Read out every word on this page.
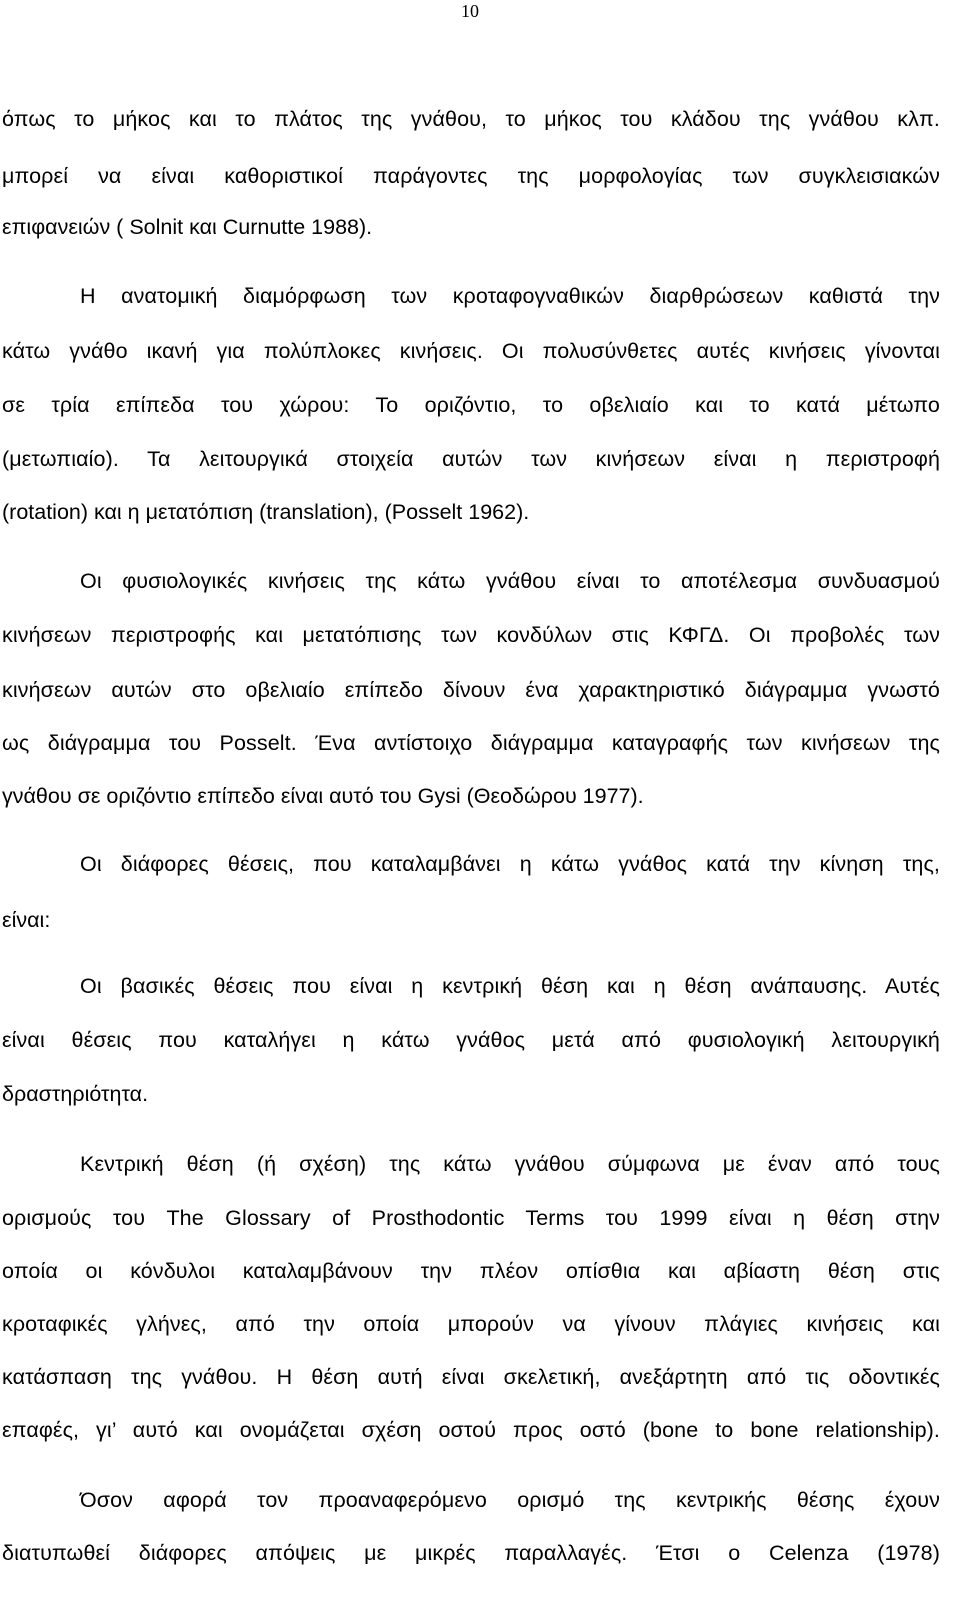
10
όπως το μήκος και το πλάτος της γνάθου, το μήκος του κλάδου της γνάθου κλπ.
μπορεί να είναι καθοριστικοί παράγοντες της μορφολογίας των συγκλεισιακών
επιφανειών ( Solnit και Curnutte 1988).
Η ανατομική διαμόρφωση των κροταφογναθικών διαρθρώσεων καθιστά την
κάτω γνάθο ικανή για πολύπλοκες κινήσεις. Οι πολυσύνθετες αυτές κινήσεις γίνονται
σε τρία επίπεδα του χώρου: Το οριζόντιο, το οβελιαίο και το κατά μέτωπο
(μετωπιαίο). Τα λειτουργικά στοιχεία αυτών των κινήσεων είναι η περιστροφή
(rotation) και η μετατόπιση (translation), (Posselt 1962).
Οι φυσιολογικές κινήσεις της κάτω γνάθου είναι το αποτέλεσμα συνδυασμού
κινήσεων περιστροφής και μετατόπισης των κονδύλων στις ΚΦΓΔ. Οι προβολές των
κινήσεων αυτών στο οβελιαίο επίπεδο δίνουν ένα χαρακτηριστικό διάγραμμα γνωστό
ως διάγραμμα του Posselt. Ένα αντίστοιχο διάγραμμα καταγραφής των κινήσεων της
γνάθου σε οριζόντιο επίπεδο είναι αυτό του Gysi (Θεοδώρου 1977).
Οι διάφορες θέσεις, που καταλαμβάνει η κάτω γνάθος κατά την κίνηση της,
είναι:
Οι βασικές θέσεις που είναι η κεντρική θέση και η θέση ανάπαυσης. Αυτές
είναι θέσεις που καταλήγει η κάτω γνάθος μετά από φυσιολογική λειτουργική
δραστηριότητα.
Κεντρική θέση (ή σχέση) της κάτω γνάθου σύμφωνα με έναν από τους
ορισμούς του The Glossary of Prosthodontic Terms του 1999 είναι η θέση στην
οποία οι κόνδυλοι καταλαμβάνουν την πλέον οπίσθια και αβίαστη θέση στις
κροταφικές γλήνες, από την οποία μπορούν να γίνουν πλάγιες κινήσεις και
κατάσπαση της γνάθου. Η θέση αυτή είναι σκελετική, ανεξάρτητη από τις οδοντικές
επαφές, γι’ αυτό και ονομάζεται σχέση οστού προς οστό (bone to bone relationship).
Όσον αφορά τον προαναφερόμενο ορισμό της κεντρικής θέσης έχουν
διατυπωθεί διάφορες απόψεις με μικρές παραλλαγές. Έτσι ο Celenza (1978)
